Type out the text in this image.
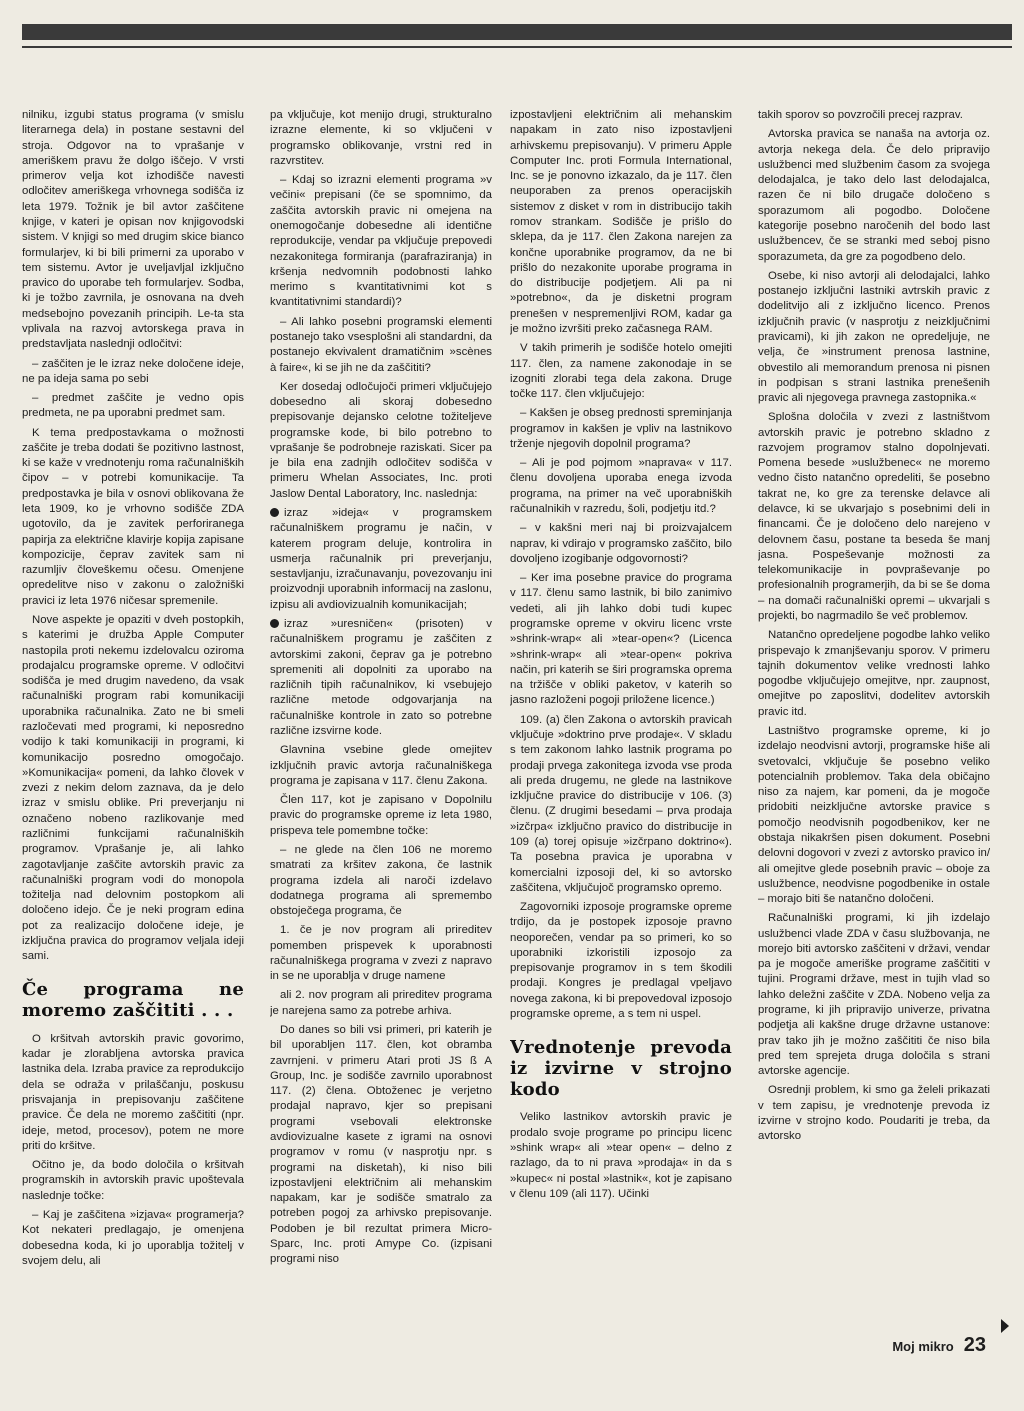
nilniku, izgubi status programa (v smislu literarnega dela) in postane sestavni del stroja. Odgovor na to vprašanje v ameriškem pravu že dolgo iščejo. V vrsti primerov velja kot izhodišče navesti odločitev ameriškega vrhovnega sodišča iz leta 1979. Tožnik je bil avtor zaščitene knjige, v kateri je opisan nov knjigovodski sistem. V knjigi so med drugim skice bianco formularjev, ki bi bili primerni za uporabo v tem sistemu. Avtor je uveljavljal izključno pravico do uporabe teh formularjev. Sodba, ki je tožbo zavrnila, je osnovana na dveh medsebojno povezanih principih. Le-ta sta vplivala na razvoj avtorskega prava in predstavljata naslednji odločitvi:

– zaščiten je le izraz neke določene ideje, ne pa ideja sama po sebi

– predmet zaščite je vedno opis predmeta, ne pa uporabni predmet sam.

K tema predpostavkama o možnosti zaščite je treba dodati še pozitivno lastnost, ki se kaže v vrednotenju roma računalniških čipov – v potrebi komunikacije. Ta predpostavka je bila v osnovi oblikovana že leta 1909, ko je vrhovno sodišče ZDA ugotovilo, da je zavitek perforiranega papirja za električne klavirje kopija zapisane kompozicije, čeprav zavitek sam ni razumljiv človeškemu očesu. Omenjene opredelitve niso v zakonu o založniški pravici iz leta 1976 ničesar spremenile.

Nove aspekte je opaziti v dveh postopkih, s katerimi je družba Apple Computer nastopila proti nekemu izdelovalcu oziroma prodajalcu programske opreme. V odločitvi sodišča je med drugim navedeno, da vsak računalniški program rabi komunikaciji uporabnika računalnika. Zato ne bi smeli razločevati med programi, ki neposredno vodijo k taki komunikaciji in programi, ki komunikacijo posredno omogočajo. »Komunikacija« pomeni, da lahko človek v zvezi z nekim delom zaznava, da je delo izraz v smislu oblike. Pri preverjanju ni označeno nobeno razlikovanje med različnimi funkcijami računalniških programov. Vprašanje je, ali lahko zagotavljanje zaščite avtorskih pravic za računalniški program vodi do monopola tožitelja nad delovnim postopkom ali določeno idejo. Če je neki program edina pot za realizacijo določene ideje, je izključna pravica do programov veljala ideji sami.

Če programa ne moremo zaščititi . . .

O kršitvah avtorskih pravic govorimo, kadar je zlorabljena avtorska pravica lastnika dela. Izraba pravice za reprodukcijo dela se odraža v prilaščanju, poskusu prisvajanja in prepisovanju zaščitene pravice. Če dela ne moremo zaščititi (npr. ideje, metod, procesov), potem ne more priti do kršitve.

Očitno je, da bodo določila o kršitvah programskih in avtorskih pravic upoštevala naslednje točke:

– Kaj je zaščitena »izjava« programerja? Kot nekateri predlagajo, je omenjena dobesedna koda, ki jo uporablja tožitelj v svojem delu, ali

pa vključuje, kot menijo drugi, strukturalno izrazne elemente, ki so vključeni v programsko oblikovanje, vrstni red in razvrstitev.

– Kdaj so izrazni elementi programa »v večini« prepisani (če se spomnimo, da zaščita avtorskih pravic ni omejena na onemogočanje dobesedne ali identične reprodukcije, vendar pa vključuje prepovedi nezakonitega formiranja (parafraziranja) in kršenja nedvomnih podobnosti lahko merimo s kvantitativnimi kot s kvantitativnimi standardi)?

– Ali lahko posebni programski elementi postanejo tako vsesplošni ali standardni, da postanejo ekvivalent dramatičnim »scènes à faire«, ki se jih ne da zaščititi?

Ker dosedaj odločujoči primeri vključujejo dobesedno ali skoraj dobesedno prepisovanje dejansko celotne tožiteljeve programske kode, bi bilo potrebno to vprašanje še podrobneje raziskati. Sicer pa je bila ena zadnjih odločitev sodišča v primeru Whelan Associates, Inc. proti Jaslow Dental Laboratory, Inc. naslednja:

izraz »ideja« v programskem računalniškem programu je način, v katerem program deluje, kontrolira in usmerja računalnik pri preverjanju, sestavljanju, izračunavanju, povezovanju ini proizvodnji uporabnih informacij na zaslonu, izpisu ali avdiovizualnih komunikacijah;

izraz »uresničen« (prisoten) v računalniškem programu je zaščiten z avtorskimi zakoni, čeprav ga je potrebno spremeniti ali dopolniti za uporabo na različnih tipih računalnikov, ki vsebujejo različne metode odgovarjanja na računalniške kontrole in zato so potrebne različne izsvirne kode.

Glavnina vsebine glede omejitev izključnih pravic avtorja računalniškega programa je zapisana v 117. členu Zakona.

Člen 117, kot je zapisano v Dopolnilu pravic do programske opreme iz leta 1980, prispeva tele pomembne točke:

– ne glede na člen 106 ne moremo smatrati za kršitev zakona, če lastnik programa izdela ali naroči izdelavo dodatnega programa ali spremembo obstoječega programa, če

1. če je nov program ali prireditev pomemben prispevek k uporabnosti računalniškega programa v zvezi z napravo in se ne uporablja v druge namene

ali 2. nov program ali prireditev programa je narejena samo za potrebe arhiva.

Do danes so bili vsi primeri, pri katerih je bil uporabljen 117. člen, kot obramba zavrnjeni. v primeru Atari proti JS ß A Group, Inc. je sodišče zavrnilo uporabnost 117. (2) člena. Obtoženec je verjetno prodajal napravo, kjer so prepisani programi vsebovali elektronske avdiovizualne kasete z igrami na osnovi programov v romu (v nasprotju npr. s programi na disketah), ki niso bili izpostavljeni električnim ali mehanskim napakam, kar je sodišče smatralo za potreben pogoj za arhivsko prepisovanje. Podoben je bil rezultat primera Micro-Sparc, Inc. proti Amype Co. (izpisani programi niso

izpostavljeni električnim ali mehanskim napakam in zato niso izpostavljeni arhivskemu prepisovanju). V primeru Apple Computer Inc. proti Formula International, Inc. se je ponovno izkazalo, da je 117. člen neuporaben za prenos operacijskih sistemov z disket v rom in distribucijo takih romov strankam. Sodišče je prišlo do sklepa, da je 117. člen Zakona narejen za končne uporabnike programov, da ne bi prišlo do nezakonite uporabe programa in do distribucije podjetjem. Ali pa ni »potrebno«, da je disketni program prenešen v nespremenljivi ROM, kadar ga je možno izvršiti preko začasnega RAM.

V takih primerih je sodišče hotelo omejiti 117. člen, za namene zakonodaje in se izogniti zlorabi tega dela zakona. Druge točke 117. člen vključujejo:

– Kakšen je obseg prednosti spreminjanja programov in kakšen je vpliv na lastnikovo trženje njegovih dopolnil programa?

– Ali je pod pojmom »naprava« v 117. členu dovoljena uporaba enega izvoda programa, na primer na več uporabniških računalnikih v razredu, šoli, podjetju itd.?

– v kakšni meri naj bi proizvajalcem naprav, ki vdirajo v programsko zaščito, bilo dovoljeno izogibanje odgovornosti?

– Ker ima posebne pravice do programa v 117. členu samo lastnik, bi bilo zanimivo vedeti, ali jih lahko dobi tudi kupec programske opreme v okviru licenc vrste »shrink-wrap« ali »tear-open«? (Licenca »shrink-wrap« ali »tear-open« pokriva način, pri katerih se širi programska oprema na tržišče v obliki paketov, v katerih so jasno razloženi pogoji priložene licence.)

109. (a) člen Zakona o avtorskih pravicah vključuje »doktrino prve prodaje«. V skladu s tem zakonom lahko lastnik programa po prodaji prvega zakonitega izvoda vse proda ali preda drugemu, ne glede na lastnikove izključne pravice do distribucije v 106. (3) členu. (Z drugimi besedami – prva prodaja »izčrpa« izključno pravico do distribucije in 109 (a) torej opisuje »izčrpano doktrino«). Ta posebna pravica je uporabna v komercialni izposoji del, ki so avtorsko zaščitena, vključujoč programsko opremo.

Zagovorniki izposoje programske opreme trdijo, da je postopek izposoje pravno neoporečen, vendar pa so primeri, ko so uporabniki izkoristili izposojo za prepisovanje programov in s tem škodili prodaji. Kongres je predlagal vpeljavo novega zakona, ki bi prepovedoval izposojo programske opreme, a s tem ni uspel.

Vrednotenje prevoda iz izvirne v strojno kodo

Veliko lastnikov avtorskih pravic je prodalo svoje programe po principu licenc »shink wrap« ali »tear open« – delno z razlago, da to ni prava »prodaja« in da s »kupec« ni postal »lastnik«, kot je zapisano v členu 109 (ali 117). Učinki

takih sporov so povzročili precej razprav.

Avtorska pravica se nanaša na avtorja oz. avtorja nekega dela. Če delo pripravijo uslužbenci med službenim časom za svojega delodajalca, je tako delo last delodajalca, razen če ni bilo drugače določeno s sporazumom ali pogodbo. Določene kategorije posebno naročenih del bodo last uslužbencev, če se stranki med seboj pisno sporazumeta, da gre za pogodbeno delo.

Osebe, ki niso avtorji ali delodajalci, lahko postanejo izključni lastniki avtrskih pravic z dodelitvijo ali z izključno licenco. Prenos izključnih pravic (v nasprotju z neizključnimi pravicami), ki jih zakon ne opredeljuje, ne velja, če »instrument prenosa lastnine, obvestilo ali memorandum prenosa ni pisnen in podpisan s strani lastnika prenešenih pravic ali njegovega pravnega zastopnika.«

Splošna določila v zvezi z lastništvom avtorskih pravic je potrebno skladno z razvojem programov stalno dopolnjevati. Pomena besede »uslužbenec« ne moremo vedno čisto natančno opredeliti, še posebno takrat ne, ko gre za terenske delavce ali delavce, ki se ukvarjajo s posebnimi deli in financami. Če je določeno delo narejeno v delovnem času, postane ta beseda še manj jasna. Pospeševanje možnosti za telekomunikacije in povpraševanje po profesionalnih programerjih, da bi se še doma – na domači računalniški opremi – ukvarjali s projekti, bo nagrmadilo še več problemov.

Natančno opredeljene pogodbe lahko veliko prispevajo k zmanjševanju sporov. V primeru tajnih dokumentov velike vrednosti lahko pogodbe vključujejo omejitve, npr. zaupnost, omejitve po zaposlitvi, dodelitev avtorskih pravic itd.

Lastništvo programske opreme, ki jo izdelajo neodvisni avtorji, programske hiše ali svetovalci, vključuje še posebno veliko potencialnih problemov. Taka dela običajno niso za najem, kar pomeni, da je mogoče pridobiti neizključne avtorske pravice s pomočjo neodvisnih pogodbenikov, ker ne obstaja nikakršen pisen dokument. Posebni delovni dogovori v zvezi z avtorsko pravico in/ ali omejitve glede posebnih pravic – oboje za uslužbence, neodvisne pogodbenike in ostale – morajo biti še natančno določeni.

Računalniški programi, ki jih izdelajo uslužbenci vlade ZDA v času službovanja, ne morejo biti avtorsko zaščiteni v državi, vendar pa je mogoče ameriške programe zaščititi v tujini. Programi države, mest in tujih vlad so lahko deležni zaščite v ZDA. Nobeno velja za programe, ki jih pripravijo univerze, privatna podjetja ali kakšne druge državne ustanove: prav tako jih je možno zaščititi če niso bila pred tem sprejeta druga določila s strani avtorske agencije.

Osrednji problem, ki smo ga želeli prikazati v tem zapisu, je vrednotenje prevoda iz izvirne v strojno kodo. Poudariti je treba, da avtorsko

Moj mikro 23
